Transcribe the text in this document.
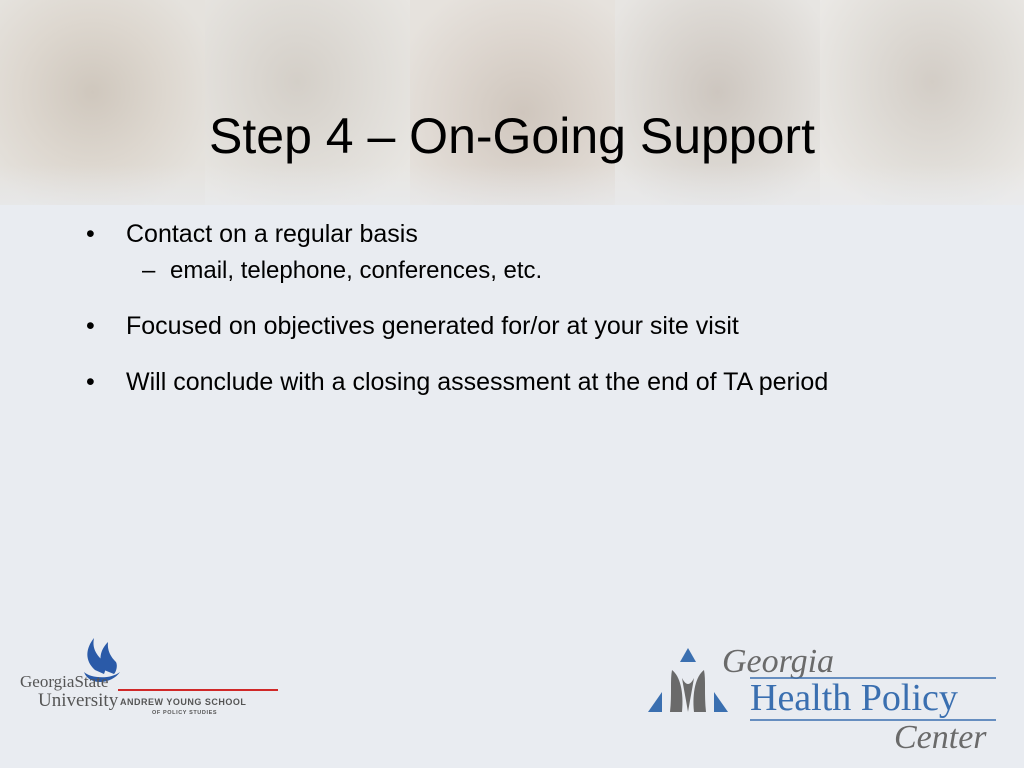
Step 4 – On-Going Support
• Contact on a regular basis
– email, telephone, conferences, etc.
• Focused on objectives generated for/or at your site visit
• Will conclude with a closing assessment at the end of TA period
GeorgiaState
University ANDREW YOUNG SCHOOL
OF POLICY STUDIES
Georgia
Health Policy
Center
